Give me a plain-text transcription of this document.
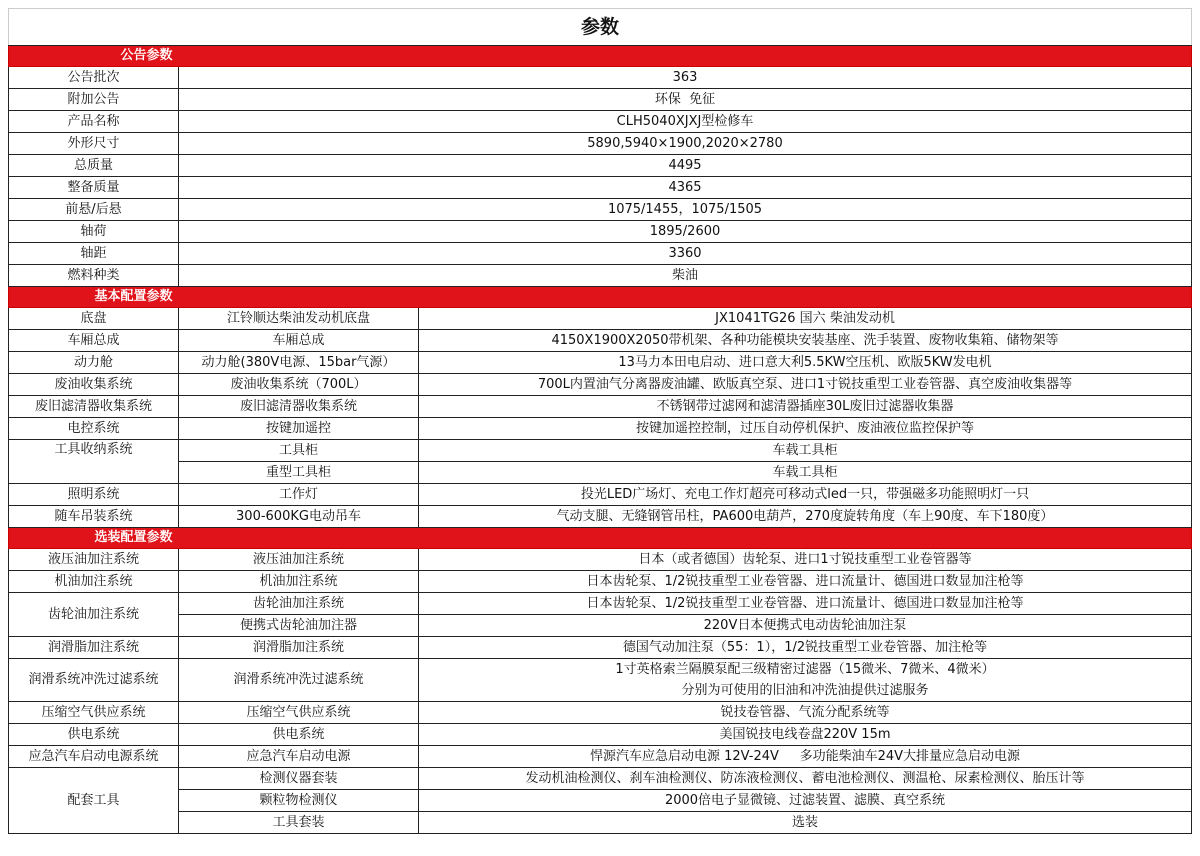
参数		
公告参数		
公告批次	363	
附加公告	环保  免征	
产品名称	CLH5040XJXJ型检修车	
外形尺寸	5890,5940×1900,2020×2780	
总质量	4495	
整备质量	4365	
前悬/后悬	1075/1455，1075/1505	
轴荷	1895/2600	
轴距	3360	
燃料种类	柴油	
基本配置参数		
底盘	江铃顺达柴油发动机底盘	JX1041TG26 国六 柴油发动机
车厢总成	车厢总成	4150X1900X2050带机架、各种功能模块安装基座、洗手装置、废物收集箱、储物架等
动力舱	动力舱(380V电源、15bar气源）	13马力本田电启动、进口意大利5.5KW空压机、欧版5KW发电机
废油收集系统	废油收集系统（700L）	700L内置油气分离器废油罐、欧版真空泵、进口1寸锐技重型工业卷管器、真空废油收集器等
废旧滤清器收集系统	废旧滤清器收集系统	不锈钢带过滤网和滤清器插座30L废旧过滤器收集器
电控系统	按键加遥控	按键加遥控控制，过压自动停机保护、废油液位监控保护等
工具收纳系统	工具柜	车载工具柜
	重型工具柜	车载工具柜
照明系统	工作灯	投光LED广场灯、充电工作灯超亮可移动式led一只，带强磁多功能照明灯一只
随车吊装系统	300-600KG电动吊车	气动支腿、无缝钢管吊柱，PA600电葫芦，270度旋转角度（车上90度、车下180度）
选装配置参数		
液压油加注系统	液压油加注系统	日本（或者德国）齿轮泵、进口1寸锐技重型工业卷管器等
机油加注系统	机油加注系统	日本齿轮泵、1/2锐技重型工业卷管器、进口流量计、德国进口数显加注枪等
齿轮油加注系统	齿轮油加注系统	日本齿轮泵、1/2锐技重型工业卷管器、进口流量计、德国进口数显加注枪等
	便携式齿轮油加注器	220V日本便携式电动齿轮油加注泵
润滑脂加注系统	润滑脂加注系统	德国气动加注泵（55：1），1/2锐技重型工业卷管器、加注枪等
润滑系统冲洗过滤系统	润滑系统冲洗过滤系统	1寸英格索兰隔膜泵配三级精密过滤器（15微米、7微米、4微米）
		分别为可使用的旧油和冲洗油提供过滤服务
压缩空气供应系统	压缩空气供应系统	锐技卷管器、气流分配系统等
供电系统	供电系统	美国锐技电线卷盘220V 15m
应急汽车启动电源系统	应急汽车启动电源	悍源汽车应急启动电源 12V-24V     多功能柴油车24V大排量应急启动电源
配套工具	检测仪器套装	发动机油检测仪、刹车油检测仪、防冻液检测仪、蓄电池检测仪、测温枪、尿素检测仪、胎压计等
	颗粒物检测仪	2000倍电子显微镜、过滤装置、滤膜、真空系统
	工具套装	选装
